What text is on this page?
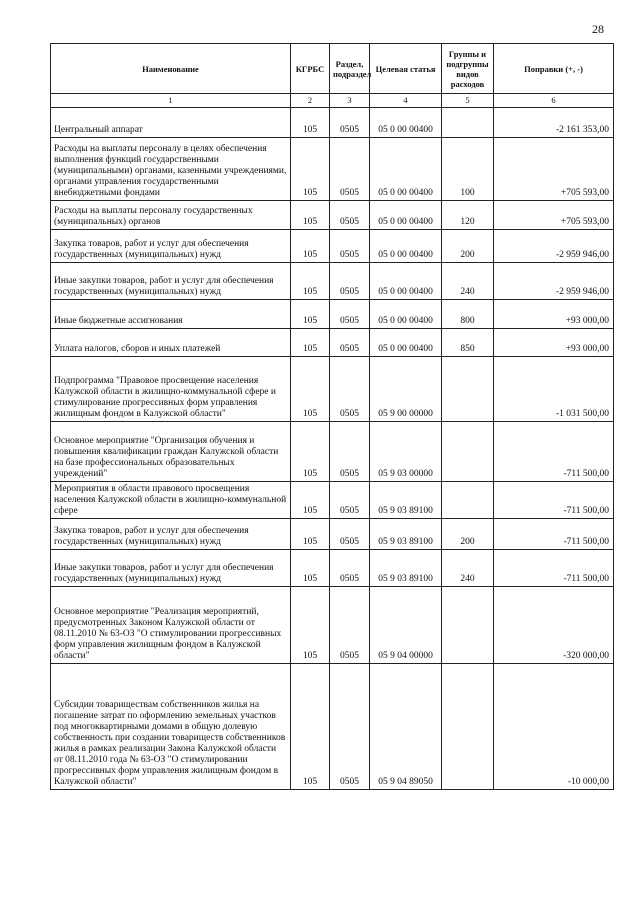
28
Наименование	КГРБС	Раздел, подраздел	Целевая статья	Группы и подгруппы видов расходов	Поправки (+, -)
1	2	3	4	5	6
Центральный аппарат	105	0505	05 0 00 00400		-2 161 353,00
Расходы на выплаты персоналу в целях обеспечения выполнения функций государственными (муниципальными) органами, казенными учреждениями, органами управления государственными внебюджетными фондами	105	0505	05 0 00 00400	100	+705 593,00
Расходы на выплаты персоналу государственных (муниципальных) органов	105	0505	05 0 00 00400	120	+705 593,00
Закупка товаров, работ и услуг для обеспечения государственных (муниципальных) нужд	105	0505	05 0 00 00400	200	-2 959 946,00
Иные закупки товаров, работ и услуг для обеспечения государственных (муниципальных) нужд	105	0505	05 0 00 00400	240	-2 959 946,00
Иные бюджетные ассигнования	105	0505	05 0 00 00400	800	+93 000,00
Уплата налогов, сборов и иных платежей	105	0505	05 0 00 00400	850	+93 000,00
Подпрограмма "Правовое просвещение населения Калужской области в жилищно-коммунальной сфере и стимулирование прогрессивных форм управления жилищным фондом в Калужской области"	105	0505	05 9 00 00000		-1 031 500,00
Основное мероприятие "Организация обучения и повышения квалификации граждан Калужской области на базе профессиональных образовательных учреждений"	105	0505	05 9 03 00000		-711 500,00
Мероприятия в области правового просвещения населения Калужской области в жилищно-коммунальной сфере	105	0505	05 9 03 89100		-711 500,00
Закупка товаров, работ и услуг для обеспечения государственных (муниципальных) нужд	105	0505	05 9 03 89100	200	-711 500,00
Иные закупки товаров, работ и услуг для обеспечения государственных (муниципальных) нужд	105	0505	05 9 03 89100	240	-711 500,00
Основное мероприятие "Реализация мероприятий, предусмотренных Законом Калужской области от 08.11.2010 № 63-ОЗ "О стимулировании прогрессивных форм управления жилищным фондом в Калужской области"	105	0505	05 9 04 00000		-320 000,00
Субсидии товариществам собственников жилья на погашение затрат по оформлению земельных участков под многоквартирными домами в общую долевую собственность при создании товариществ собственников жилья в рамках реализации Закона Калужской области от 08.11.2010 года № 63-ОЗ "О стимулировании прогрессивных форм управления жилищным фондом в Калужской области"	105	0505	05 9 04 89050		-10 000,00
